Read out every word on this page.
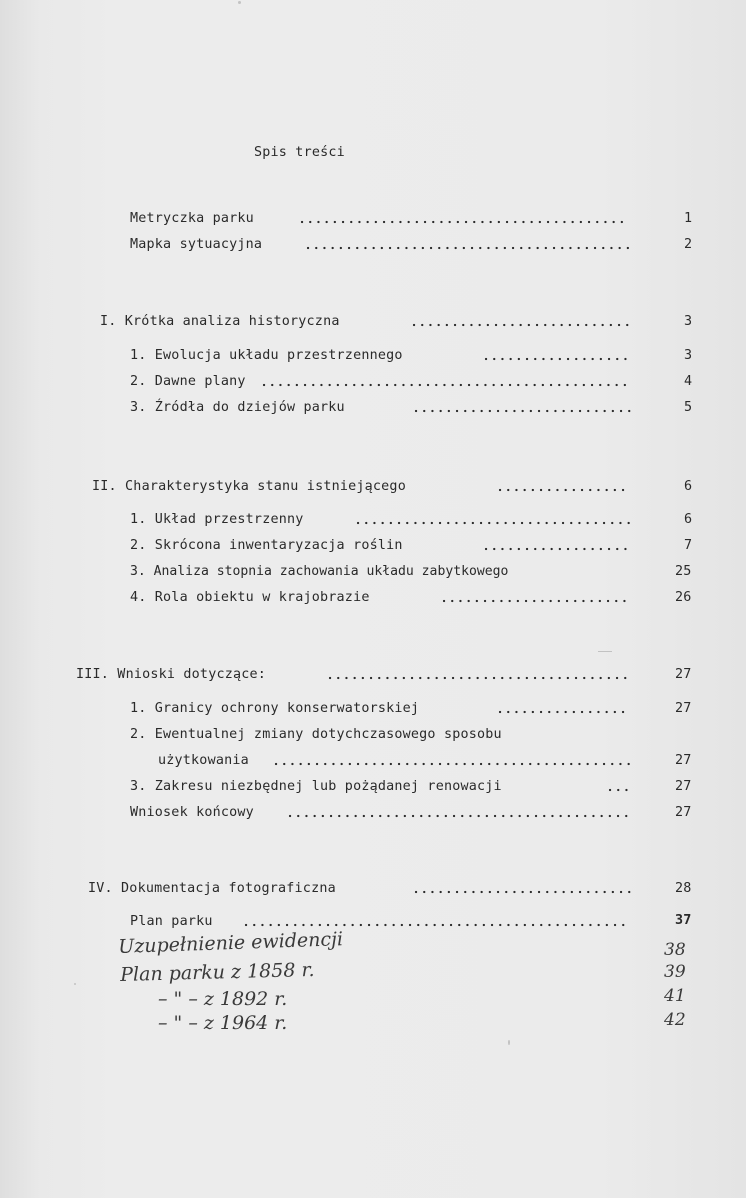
Spis treści
Metryczka parku	1
Mapka sytuacyjna	2
I. Krótka analiza historyczna	3
1. Ewolucja układu przestrzennego	3
2. Dawne plany	4
3. Źródła do dziejów parku	5
II. Charakterystyka stanu istniejącego	6
1. Układ przestrzenny	6
2. Skrócona inwentaryzacja roślin	7
3. Analiza stopnia zachowania układu zabytkowego	25
4. Rola obiektu w krajobrazie	26
III. Wnioski dotyczące:	27
1. Granicy ochrony konserwatorskiej	27
2. Ewentualnej zmiany dotychczasowego sposobu
użytkowania	27
3. Zakresu niezbędnej lub pożądanej renowacji	27
Wniosek końcowy	27
IV. Dokumentacja fotograficzna	28
Plan parku	37
Uzupełnienie ewidencji	38
Plan parku z 1858 r.	39
– " – z 1892 r.	41
– " – z 1964 r.	42
